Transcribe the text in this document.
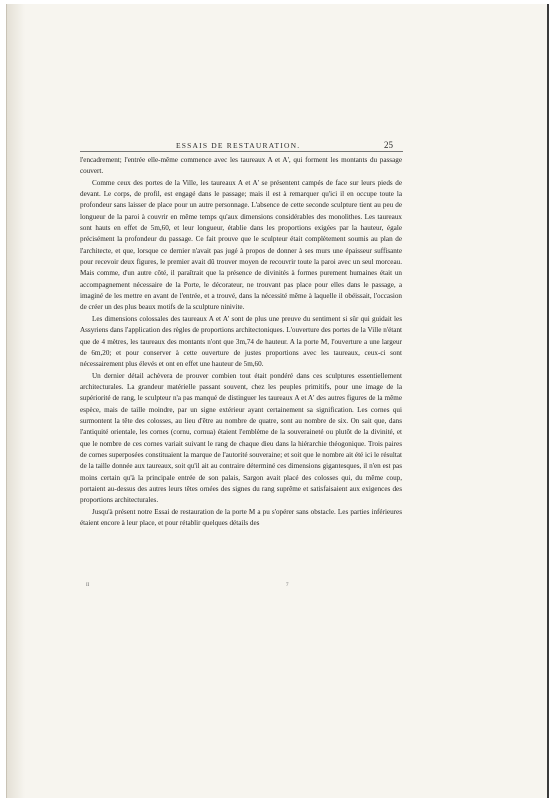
ESSAIS DE RESTAURATION.	25

l'encadrement; l'entrée elle-même commence avec les taureaux A et A', qui forment les montants du passage couvert.

Comme ceux des portes de la Ville, les taureaux A et A' se présentent campés de face sur leurs pieds de devant. Le corps, de profil, est engagé dans le passage; mais il est à remarquer qu'ici il en occupe toute la profondeur sans laisser de place pour un autre personnage. L'absence de cette seconde sculpture tient au peu de longueur de la paroi à couvrir en même temps qu'aux dimensions considérables des monolithes. Les taureaux sont hauts en effet de 5m,60, et leur longueur, établie dans les proportions exigées par la hauteur, égale précisément la profondeur du passage. Ce fait prouve que le sculpteur était complètement soumis au plan de l'architecte, et que, lorsque ce dernier n'avait pas jugé à propos de donner à ses murs une épaisseur suffisante pour recevoir deux figures, le premier avait dû trouver moyen de recouvrir toute la paroi avec un seul morceau. Mais comme, d'un autre côté, il paraîtrait que la présence de divinités à formes purement humaines était un accompagnement nécessaire de la Porte, le décorateur, ne trouvant pas place pour elles dans le passage, a imaginé de les mettre en avant de l'entrée, et a trouvé, dans la nécessité même à laquelle il obéissait, l'occasion de créer un des plus beaux motifs de la sculpture ninivite.

Les dimensions colossales des taureaux A et A' sont de plus une preuve du sentiment si sûr qui guidait les Assyriens dans l'application des règles de proportions architectoniques. L'ouverture des portes de la Ville n'étant que de 4 mètres, les taureaux des montants n'ont que 3m,74 de hauteur. A la porte M, l'ouverture a une largeur de 6m,20; et pour conserver à cette ouverture de justes proportions avec les taureaux, ceux-ci sont nécessairement plus élevés et ont en effet une hauteur de 5m,60.

Un dernier détail achèvera de prouver combien tout était pondéré dans ces sculptures essentiellement architecturales. La grandeur matérielle passant souvent, chez les peuples primitifs, pour une image de la supériorité de rang, le sculpteur n'a pas manqué de distinguer les taureaux A et A' des autres figures de la même espèce, mais de taille moindre, par un signe extérieur ayant certainement sa signification. Les cornes qui surmontent la tête des colosses, au lieu d'être au nombre de quatre, sont au nombre de six. On sait que, dans l'antiquité orientale, les cornes (cornu, cornua) étaient l'emblème de la souveraineté ou plutôt de la divinité, et que le nombre de ces cornes variait suivant le rang de chaque dieu dans la hiérarchie théogonique. Trois paires de cornes superposées constituaient la marque de l'autorité souveraine; et soit que le nombre ait été ici le résultat de la taille donnée aux taureaux, soit qu'il ait au contraire déterminé ces dimensions gigantesques, il n'en est pas moins certain qu'à la principale entrée de son palais, Sargon avait placé des colosses qui, du même coup, portaient au-dessus des autres leurs têtes ornées des signes du rang suprême et satisfaisaient aux exigences des proportions architecturales.

Jusqu'à présent notre Essai de restauration de la porte M a pu s'opérer sans obstacle. Les parties inférieures étaient encore à leur place, et pour rétablir quelques détails des

II	7
